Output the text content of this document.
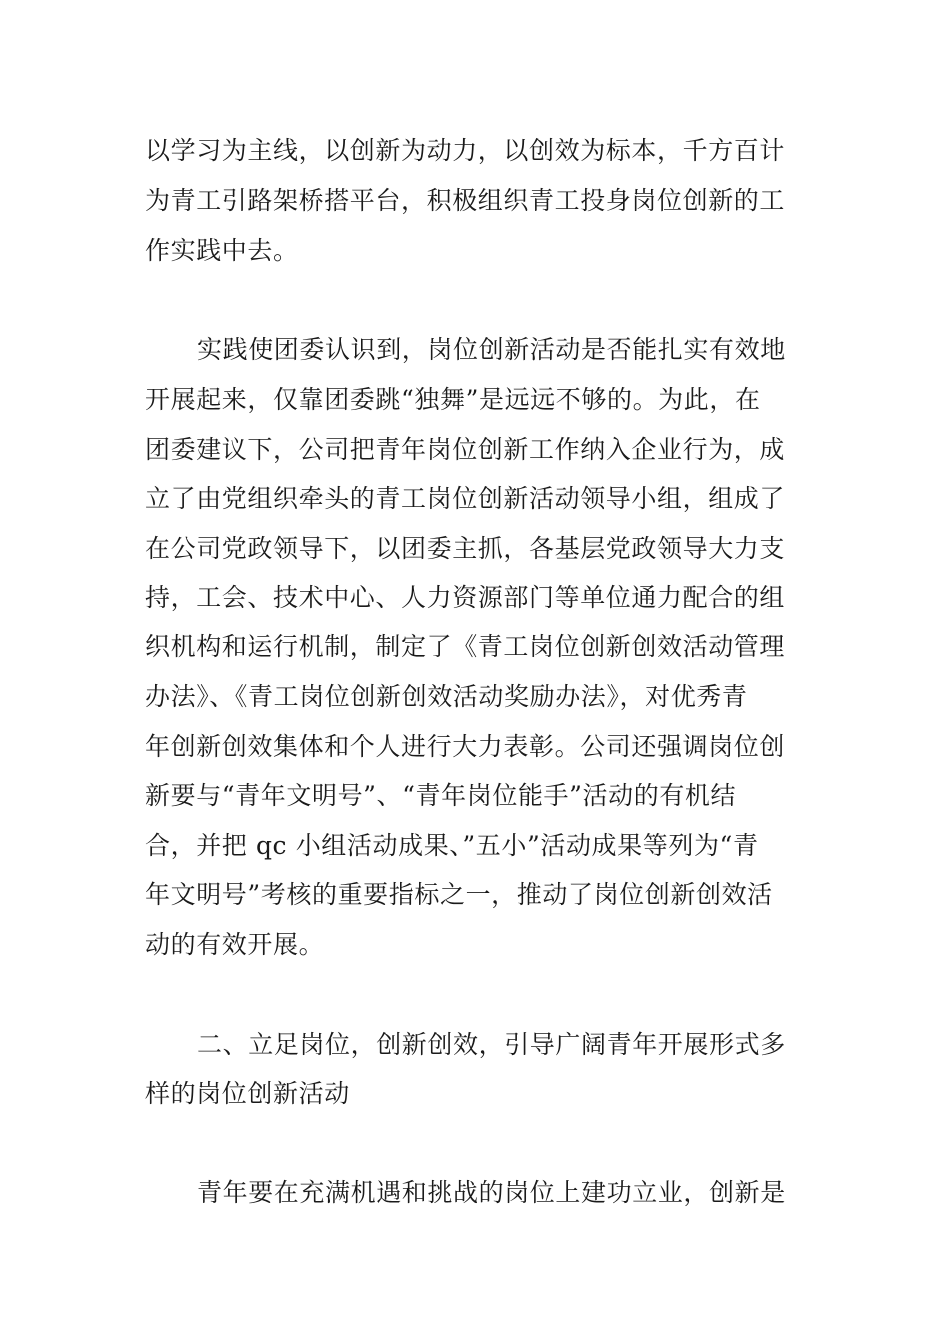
以学习为主线，以创新为动力，以创效为标本，千方百计

为青工引路架桥搭平台，积极组织青工投身岗位创新的工

作实践中去。

实践使团委认识到，岗位创新活动是否能扎实有效地

开展起来，仅靠团委跳“独舞”是远远不够的。为此，在

团委建议下，公司把青年岗位创新工作纳入企业行为，成

立了由党组织牵头的青工岗位创新活动领导小组，组成了

在公司党政领导下，以团委主抓，各基层党政领导大力支

持，工会、技术中心、人力资源部门等单位通力配合的组

织机构和运行机制，制定了《青工岗位创新创效活动管理

办法》、《青工岗位创新创效活动奖励办法》，对优秀青

年创新创效集体和个人进行大力表彰。公司还强调岗位创

新要与“青年文明号”、“青年岗位能手”活动的有机结

合，并把 qc 小组活动成果、”五小”活动成果等列为“青

年文明号”考核的重要指标之一，推动了岗位创新创效活

动的有效开展。

二、立足岗位，创新创效，引导广阔青年开展形式多

样的岗位创新活动

青年要在充满机遇和挑战的岗位上建功立业，创新是
